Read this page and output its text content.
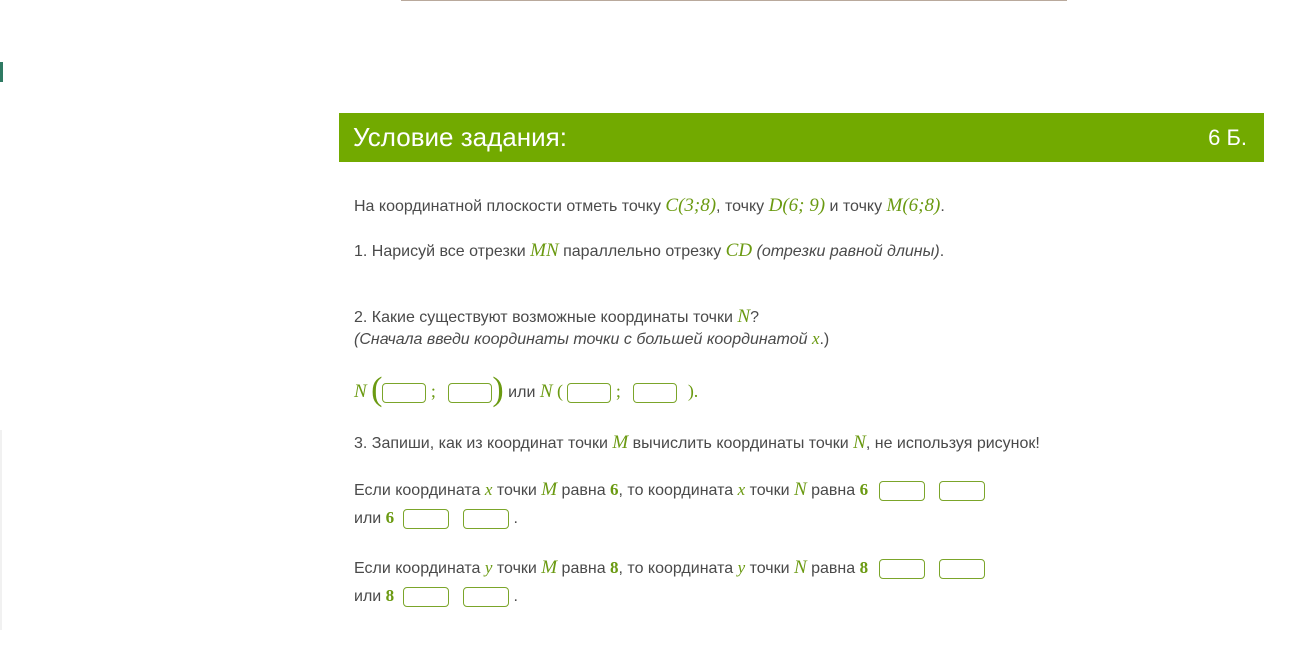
Условие задания:	6 Б.
На координатной плоскости отметь точку C(3;8), точку D(6; 9) и точку M(6;8).
1. Нарисуй все отрезки MN параллельно отрезку CD (отрезки равной длины).
2. Какие существуют возможные координаты точки N?
(Сначала введи координаты точки с большей координатой x.)
N (	; ) или N (	;	).
3. Запиши, как из координат точки M вычислить координаты точки N, не используя рисунок!
Если координата x точки M равна 6, то координата x точки N равна 6
или 6	.
Если координата y точки M равна 8, то координата y точки N равна 8
или 8	.
